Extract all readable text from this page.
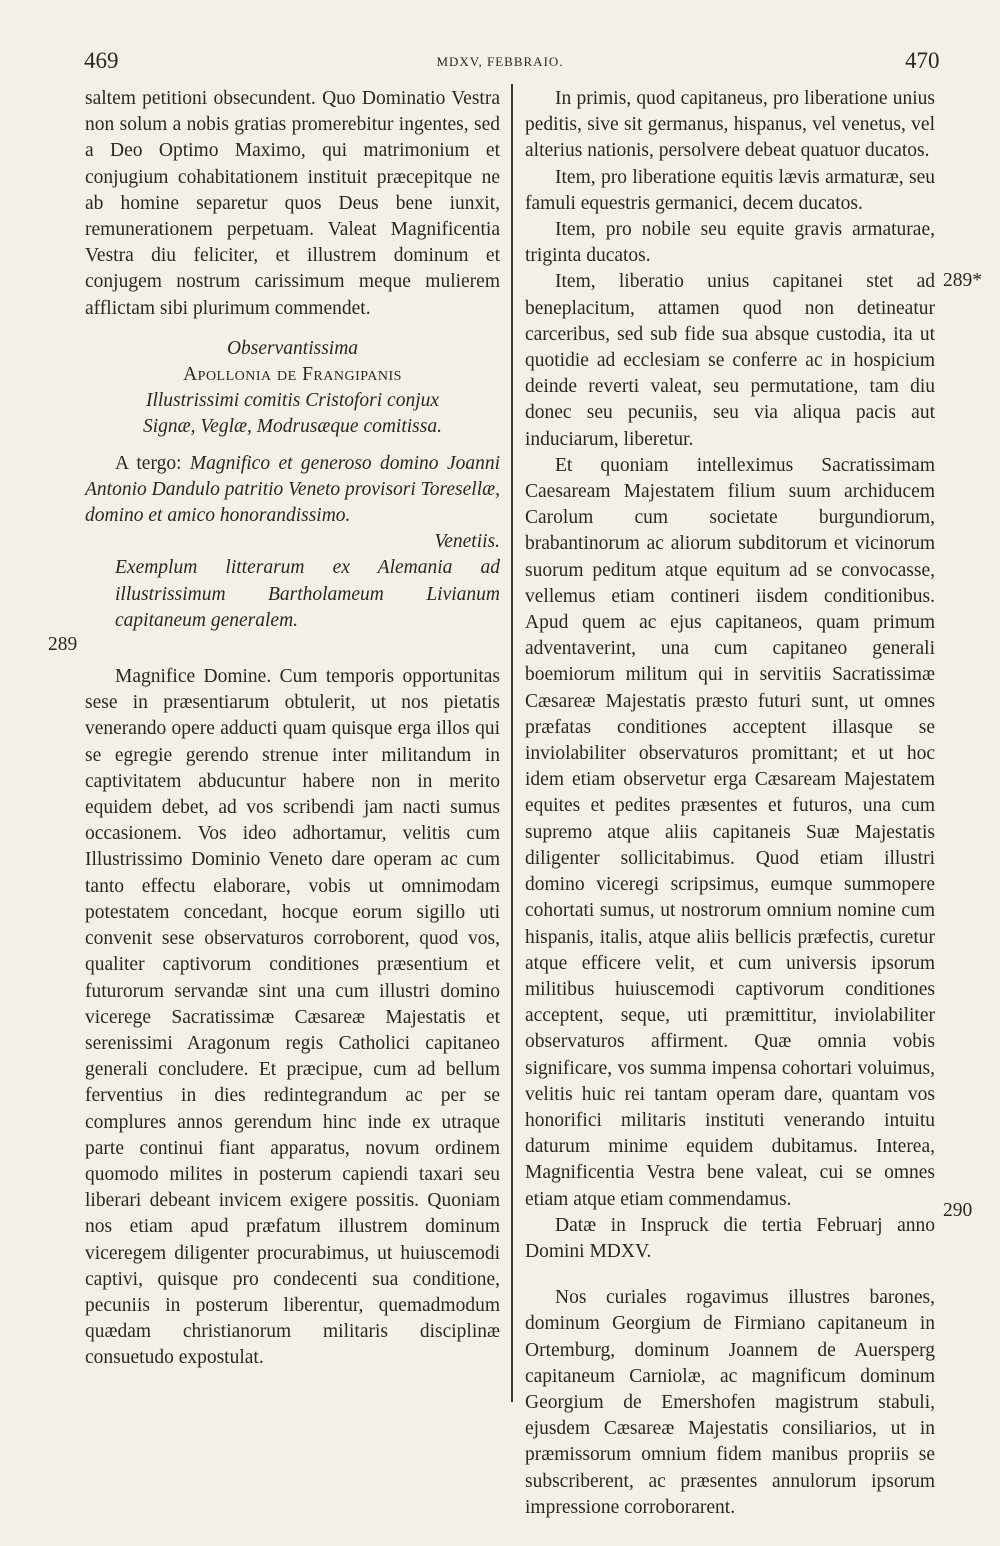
469	MDXV, FEBBRAIO.	470
289
289*
290

saltem petitioni obsecundent. Quo Dominatio Vestra non solum a nobis gratias promerebitur ingentes, sed a Deo Optimo Maximo, qui matrimonium et conjugium cohabitationem instituit præcepitque ne ab homine separetur quos Deus bene iunxit, remunerationem perpetuam. Valeat Magnificentia Vestra diu feliciter, et illustrem dominum et conjugem nostrum carissimum meque mulierem afflictam sibi plurimum commendet.

Observantissima

Apollonia de Frangipanis

Illustrissimi comitis Cristofori conjux

Signæ, Veglæ, Modrusæque comitissa.

A tergo: Magnifico et generoso domino Joanni Antonio Dandulo patritio Veneto provisori Toresellæ, domino et amico honorandissimo.

Venetiis.

Exemplum litterarum ex Alemania ad illustrissimum Bartholameum Livianum capitaneum generalem.

Magnifice Domine. Cum temporis opportunitas sese in præsentiarum obtulerit, ut nos pietatis venerando opere adducti quam quisque erga illos qui se egregie gerendo strenue inter militandum in captivitatem abducuntur habere non in merito equidem debet, ad vos scribendi jam nacti sumus occasionem. Vos ideo adhortamur, velitis cum Illustrissimo Dominio Veneto dare operam ac cum tanto effectu elaborare, vobis ut omnimodam potestatem concedant, hocque eorum sigillo uti convenit sese observaturos corroborent, quod vos, qualiter captivorum conditiones præsentium et futurorum servandæ sint una cum illustri domino vicerege Sacratissimæ Cæsareæ Majestatis et serenissimi Aragonum regis Catholici capitaneo generali concludere. Et præcipue, cum ad bellum ferventius in dies redintegrandum ac per se complures annos gerendum hinc inde ex utraque parte continui fiant apparatus, novum ordinem quomodo milites in posterum capiendi taxari seu liberari debeant invicem exigere possitis. Quoniam nos etiam apud præfatum illustrem dominum viceregem diligenter procurabimus, ut huiuscemodi captivi, quisque pro condecenti sua conditione, pecuniis in posterum liberentur, quemadmodum quædam christianorum militaris disciplinæ consuetudo expostulat.

In primis, quod capitaneus, pro liberatione unius peditis, sive sit germanus, hispanus, vel venetus, vel alterius nationis, persolvere debeat quatuor ducatos.

Item, pro liberatione equitis lævis armaturæ, seu famuli equestris germanici, decem ducatos.

Item, pro nobile seu equite gravis armaturae, triginta ducatos.

Item, liberatio unius capitanei stet ad beneplacitum, attamen quod non detineatur carceribus, sed sub fide sua absque custodia, ita ut quotidie ad ecclesiam se conferre ac in hospicium deinde reverti valeat, seu permutatione, tam diu donec seu pecuniis, seu via aliqua pacis aut induciarum, liberetur.

Et quoniam intelleximus Sacratissimam Caesaream Majestatem filium suum archiducem Carolum cum societate burgundiorum, brabantinorum ac aliorum subditorum et vicinorum suorum peditum atque equitum ad se convocasse, vellemus etiam contineri iisdem conditionibus. Apud quem ac ejus capitaneos, quam primum adventaverint, una cum capitaneo generali boemiorum militum qui in servitiis Sacratissimæ Cæsareæ Majestatis præsto futuri sunt, ut omnes præfatas conditiones acceptent illasque se inviolabiliter observaturos promittant; et ut hoc idem etiam observetur erga Cæsaream Majestatem equites et pedites præsentes et futuros, una cum supremo atque aliis capitaneis Suæ Majestatis diligenter sollicitabimus. Quod etiam illustri domino viceregi scripsimus, eumque summopere cohortati sumus, ut nostrorum omnium nomine cum hispanis, italis, atque aliis bellicis præfectis, curetur atque efficere velit, et cum universis ipsorum militibus huiuscemodi captivorum conditiones acceptent, seque, uti præmittitur, inviolabiliter observaturos affirment. Quæ omnia vobis significare, vos summa impensa cohortari voluimus, velitis huic rei tantam operam dare, quantam vos honorifici militaris instituti venerando intuitu daturum minime equidem dubitamus. Interea, Magnificentia Vestra bene valeat, cui se omnes etiam atque etiam commendamus.

Datæ in Inspruck die tertia Februarj anno Domini MDXV.

Nos curiales rogavimus illustres barones, dominum Georgium de Firmiano capitaneum in Ortemburg, dominum Joannem de Auersperg capitaneum Carniolæ, ac magnificum dominum Georgium de Emershofen magistrum stabuli, ejusdem Cæsareæ Majestatis consiliarios, ut in præmissorum omnium fidem manibus propriis se subscriberent, ac præsentes annulorum ipsorum impressione corroborarent.
